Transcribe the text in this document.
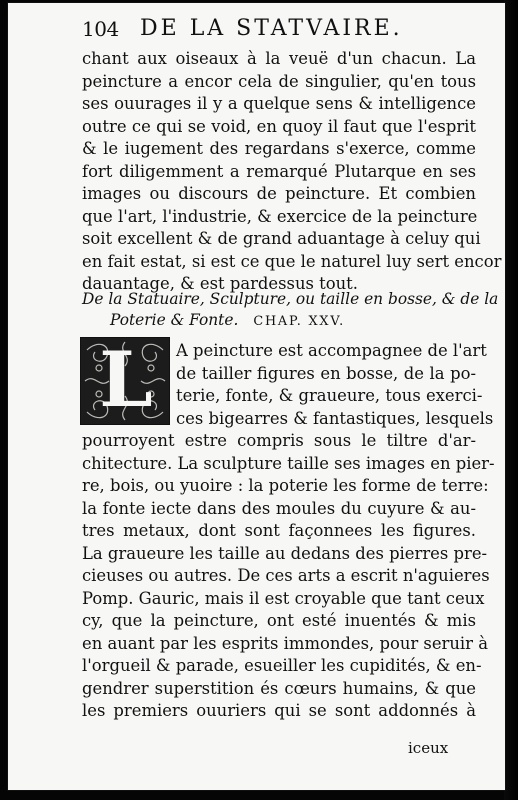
104 DE LA STATVAIRE.
chant aux oiseaux à la veuë d'un chacun. La
peincture a encor cela de singulier, qu'en tous
ses ouurages il y a quelque sens & intelligence
outre ce qui se void, en quoy il faut que l'esprit
& le iugement des regardans s'exerce, comme
fort diligemment a remarqué Plutarque en ses
images ou discours de peincture. Et combien
que l'art, l'industrie, & exercice de la peincture
soit excellent & de grand aduantage à celuy qui
en fait estat, si est ce que le naturel luy sert encor
dauantage, & est pardessus tout.
De la Statuaire, Sculpture, ou taille en bosse, & de la
Poterie & Fonte. CHAP. XXV.
L A peincture est accompagnee de l'art
de tailler figures en bosse, de la po-
terie, fonte, & graueure, tous exerci-
ces bigearres & fantastiques, lesquels
pourroyent estre compris sous le tiltre d'ar-
chitecture. La sculpture taille ses images en pier-
re, bois, ou yuoire : la poterie les forme de terre:
la fonte iecte dans des moules du cuyure & au-
tres metaux, dont sont façonnees les figures.
La graueure les taille au dedans des pierres pre-
cieuses ou autres. De ces arts a escrit n'aguieres
Pomp. Gauric, mais il est croyable que tant ceux
cy, que la peincture, ont esté inuentés & mis
en auant par les esprits immondes, pour seruir à
l'orgueil & parade, esueiller les cupidités, & en-
gendrer superstition és cœurs humains, & que
les premiers ouuriers qui se sont addonnés à
iceux
